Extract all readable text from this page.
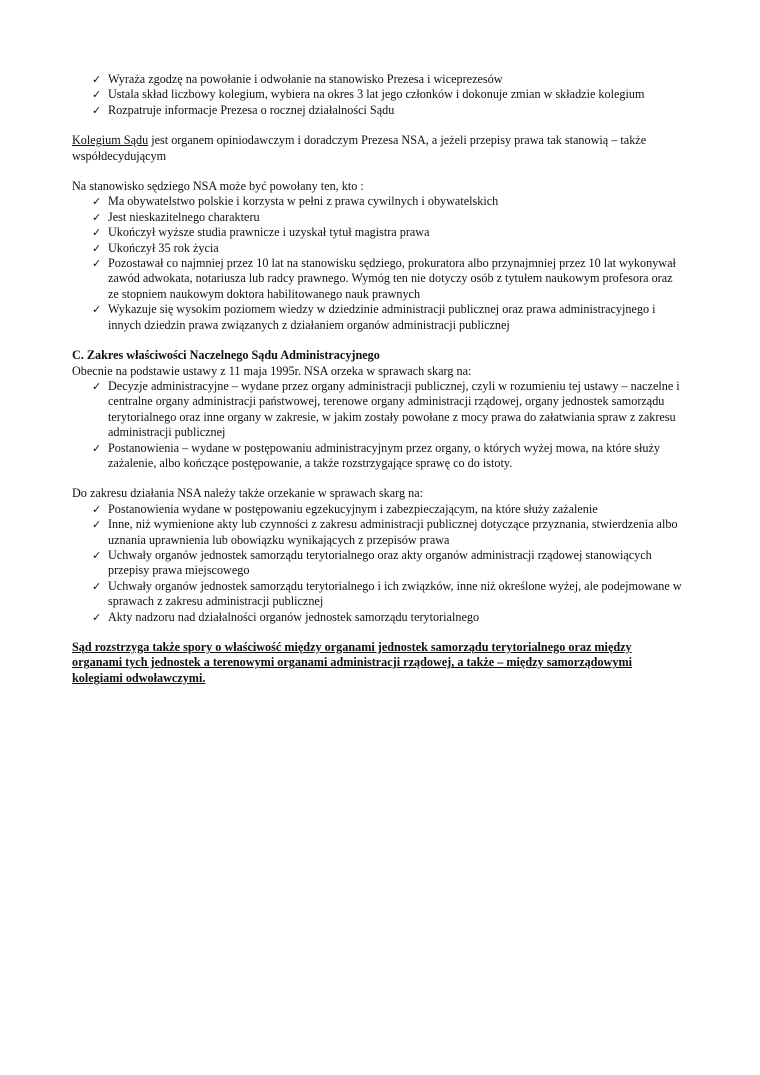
✓ Wyraża zgodzę na powołanie i odwołanie na stanowisko Prezesa i wiceprezesów
✓ Ustala skład liczbowy kolegium, wybiera na okres 3 lat jego członków i dokonuje zmian w składzie kolegium
✓ Rozpatruje informacje Prezesa o rocznej działalności Sądu

Kolegium Sądu jest organem opiniodawczym i doradczym Prezesa NSA, a jeżeli przepisy prawa tak stanowią – także współdecydującym

Na stanowisko sędziego NSA może być powołany ten, kto :

✓ Ma obywatelstwo polskie i korzysta w pełni z prawa cywilnych i obywatelskich
✓ Jest nieskazitelnego charakteru
✓ Ukończył wyższe studia prawnicze i uzyskał tytuł magistra prawa
✓ Ukończył 35 rok życia
✓ Pozostawał co najmniej przez 10 lat na stanowisku sędziego, prokuratora albo przynajmniej przez 10 lat wykonywał zawód adwokata, notariusza lub radcy prawnego. Wymóg ten nie dotyczy osób z tytułem naukowym profesora oraz ze stopniem naukowym doktora habilitowanego nauk prawnych
✓ Wykazuje się wysokim poziomem wiedzy w dziedzinie administracji publicznej oraz prawa administracyjnego i innych dziedzin prawa związanych z działaniem organów administracji publicznej

C. Zakres właściwości Naczelnego Sądu Administracyjnego

Obecnie na podstawie ustawy z 11 maja 1995r. NSA orzeka w sprawach skarg na:

✓ Decyzje administracyjne – wydane przez organy administracji publicznej, czyli w rozumieniu tej ustawy – naczelne i centralne organy administracji państwowej, terenowe organy administracji rządowej, organy jednostek samorządu terytorialnego oraz inne organy w zakresie, w jakim zostały powołane z mocy prawa do załatwiania spraw z zakresu administracji publicznej
✓ Postanowienia – wydane w postępowaniu administracyjnym przez organy, o których wyżej mowa, na które służy zażalenie, albo kończące postępowanie, a także rozstrzygające sprawę co do istoty.

Do zakresu działania NSA należy także orzekanie w sprawach skarg na:

✓ Postanowienia wydane w postępowaniu egzekucyjnym i zabezpieczającym, na które służy zażalenie
✓ Inne, niż wymienione akty lub czynności z zakresu administracji publicznej dotyczące przyznania, stwierdzenia albo uznania uprawnienia lub obowiązku wynikających z przepisów prawa
✓ Uchwały organów jednostek samorządu terytorialnego oraz akty organów administracji rządowej stanowiących przepisy prawa miejscowego
✓ Uchwały organów jednostek samorządu terytorialnego i ich związków, inne niż określone wyżej, ale podejmowane w sprawach z zakresu administracji publicznej
✓ Akty nadzoru nad działalności organów jednostek samorządu terytorialnego

Sąd rozstrzyga także spory o właściwość między organami jednostek samorządu terytorialnego oraz między organami tych jednostek a terenowymi organami administracji rządowej, a także – między samorządowymi kolegiami odwoławczymi.
